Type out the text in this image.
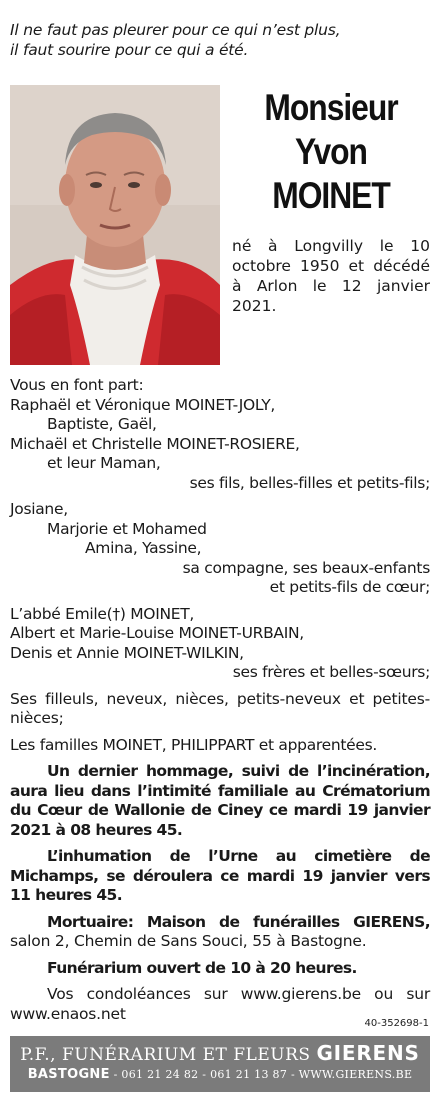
Il ne faut pas pleurer pour ce qui n’est plus,
il faut sourire pour ce qui a été.
Monsieur
Yvon
MOINET
né à Longvilly le 10 octobre 1950 et décédé à Arlon le 12 janvier 2021.
Vous en font part:
Raphaël et Véronique MOINET-JOLY,
Baptiste, Gaël,
Michaël et Christelle MOINET-ROSIERE,
et leur Maman,
ses fils, belles-filles et petits-fils;
Josiane,
Marjorie et Mohamed
Amina, Yassine,
sa compagne, ses beaux-enfants
et petits-fils de cœur;
L’abbé Emile(†) MOINET,
Albert et Marie-Louise MOINET-URBAIN,
Denis et Annie MOINET-WILKIN,
ses frères et belles-sœurs;
Ses filleuls, neveux, nièces, petits-neveux et petites-nièces;
Les familles MOINET, PHILIPPART et apparentées.
Un dernier hommage, suivi de l’incinération, aura lieu dans l’intimité familiale au Crématorium du Cœur de Wallonie de Ciney ce mardi 19 janvier 2021 à 08 heures 45.
L’inhumation de l’Urne au cimetière de Michamps, se déroulera ce mardi 19 janvier vers 11 heures 45.
Mortuaire: Maison de funérailles GIERENS, salon 2, Chemin de Sans Souci, 55 à Bastogne.
Funérarium ouvert de 10 à 20 heures.
Vos condoléances sur www.gierens.be ou sur www.enaos.net
40-352698-1
P.F., FUNÉRARIUM ET FLEURS GIERENS
BASTOGNE - 061 21 24 82 - 061 21 13 87 - WWW.GIERENS.BE
